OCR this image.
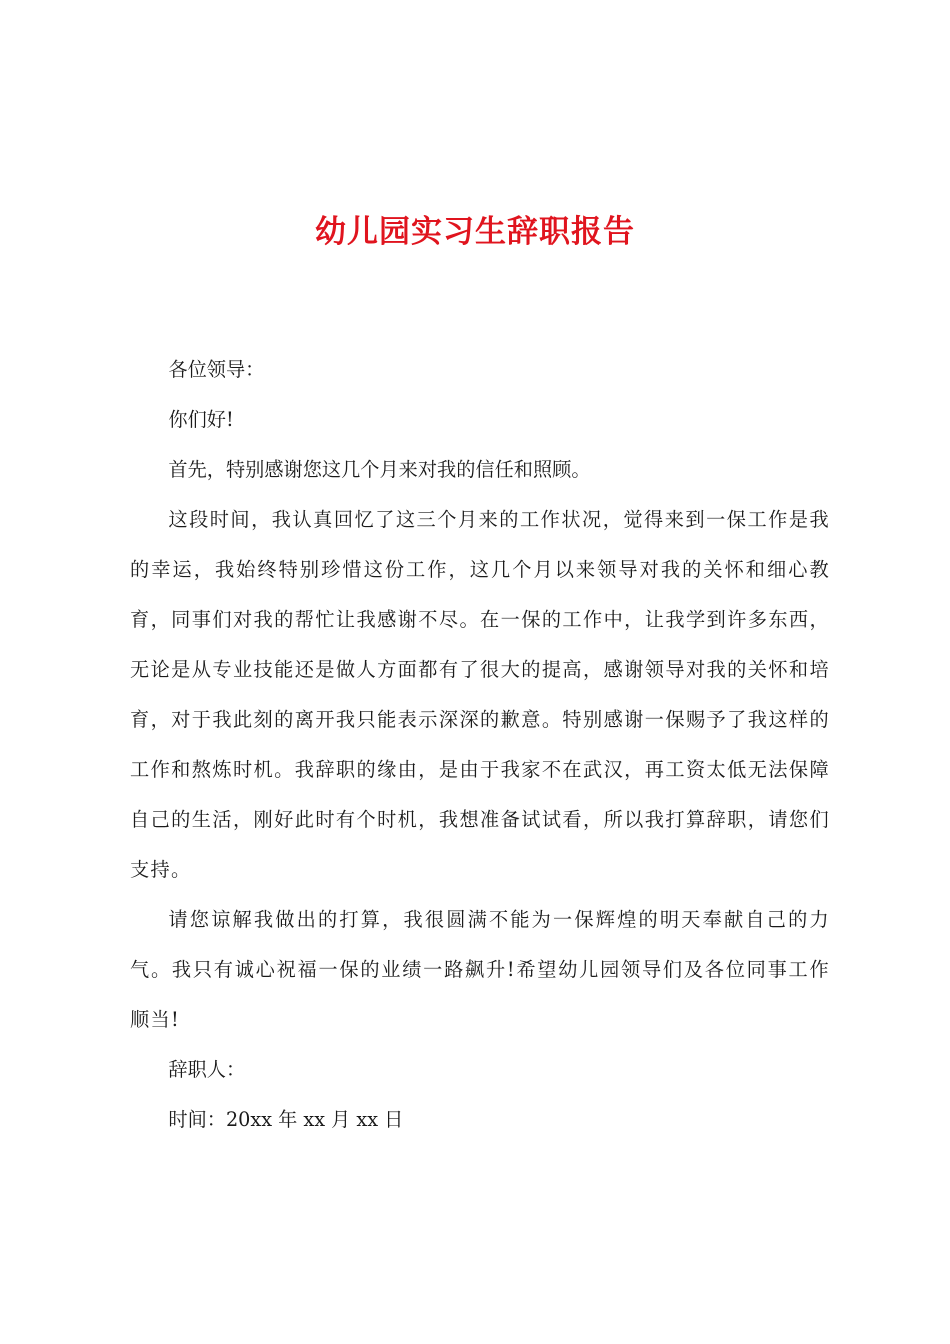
幼儿园实习生辞职报告

各位领导：

你们好!

首先，特别感谢您这几个月来对我的信任和照顾。

这段时间，我认真回忆了这三个月来的工作状况，觉得来到一保工作是我的幸运，我始终特别珍惜这份工作，这几个月以来领导对我的关怀和细心教育，同事们对我的帮忙让我感谢不尽。在一保的工作中，让我学到许多东西，无论是从专业技能还是做人方面都有了很大的提高，感谢领导对我的关怀和培育，对于我此刻的离开我只能表示深深的歉意。特别感谢一保赐予了我这样的工作和熬炼时机。我辞职的缘由，是由于我家不在武汉，再工资太低无法保障自己的生活，刚好此时有个时机，我想准备试试看，所以我打算辞职，请您们支持。

请您谅解我做出的打算，我很圆满不能为一保辉煌的明天奉献自己的力气。我只有诚心祝福一保的业绩一路飙升!希望幼儿园领导们及各位同事工作顺当!

辞职人：

时间：20xx 年 xx 月 xx 日
